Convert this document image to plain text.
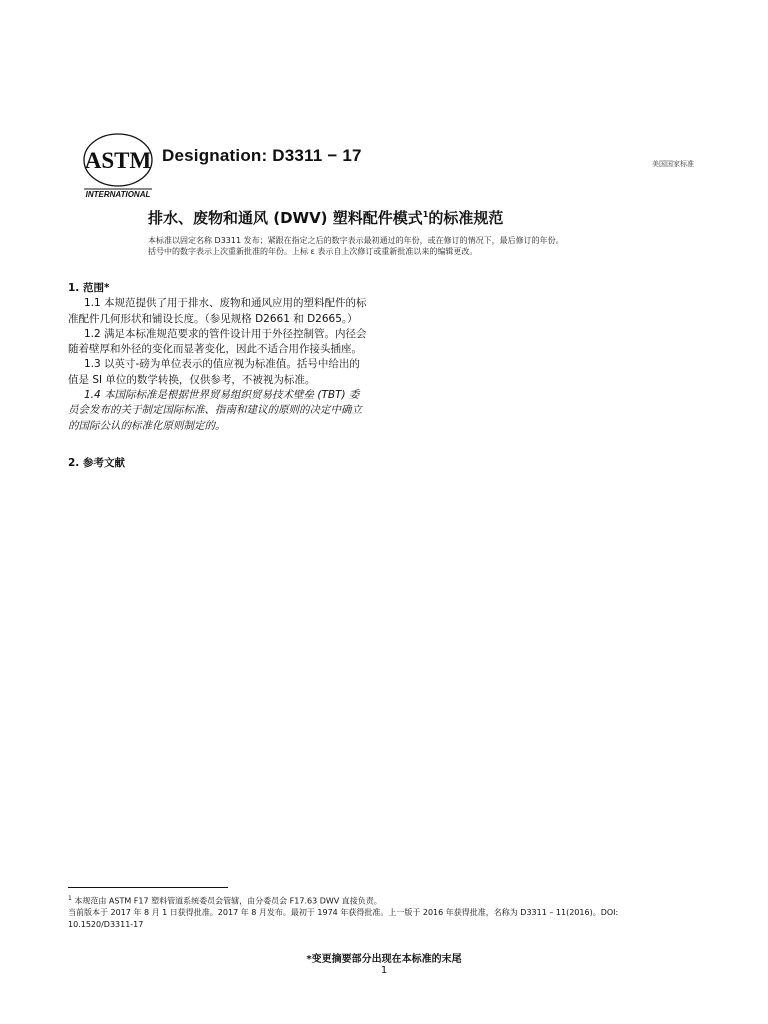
ASTM
INTERNATIONAL
Designation: D3311 − 17	美国国家标准
排水、废物和通风 (DWV) 塑料配件模式$^1$的标准规范
本标准以固定名称 D3311 发布；紧跟在指定之后的数字表示最初通过的年份，或在修订的情况下，最后修订的年份。
括号中的数字表示上次重新批准的年份。上标 ε 表示自上次修订或重新批准以来的编辑更改。

1. 范围*

1.1 本规范提供了用于排水、废物和通风应用的塑料配件的标准配件几何形状和铺设长度。（参见规格 D2661 和 D2665。）

1.2 满足本标准规范要求的管件设计用于外径控制管。内径会随着壁厚和外径的变化而显著变化，因此不适合用作接头插座。

1.3 以英寸-磅为单位表示的值应视为标准值。括号中给出的值是 SI 单位的数学转换，仅供参考，不被视为标准。

1.4 本国际标准是根据世界贸易组织贸易技术壁垒 (TBT) 委员会发布的关于制定国际标准、指南和建议的原则的决定中确立的国际公认的标准化原则制定的。

2. 参考文献

$^1$ 本规范由 ASTM F17 塑料管道系统委员会管辖，由分委员会 F17.63 DWV 直接负责。
当前版本于 2017 年 8 月 1 日获得批准。2017 年 8 月发布。最初于 1974 年获得批准。上一版于 2016 年获得批准，名称为 D3311 – 11(2016)。DOI: 10.1520/D3311-17
*变更摘要部分出现在本标准的末尾
1
